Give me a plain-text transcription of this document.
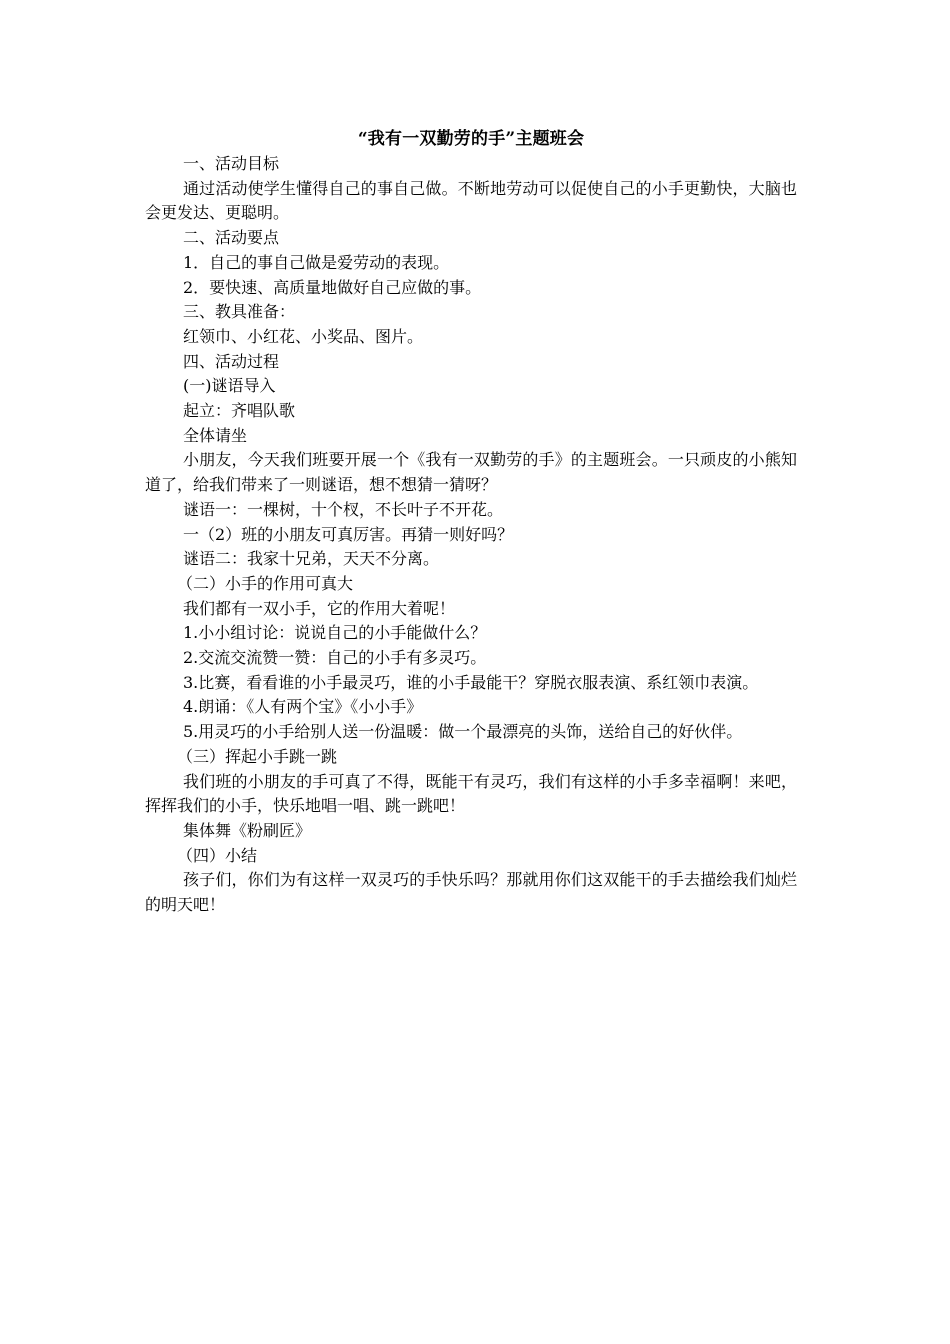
“我有一双勤劳的手”主题班会

一、活动目标

通过活动使学生懂得自己的事自己做。不断地劳动可以促使自己的小手更勤快，大脑也会更发达、更聪明。

二、活动要点

1．自己的事自己做是爱劳动的表现。

2．要快速、高质量地做好自己应做的事。

三、教具准备：

红领巾、小红花、小奖品、图片。

四、活动过程

(一)谜语导入

起立：齐唱队歌

全体请坐

小朋友，今天我们班要开展一个《我有一双勤劳的手》的主题班会。一只顽皮的小熊知道了，给我们带来了一则谜语，想不想猜一猜呀？

谜语一：一棵树，十个杈，不长叶子不开花。

一（2）班的小朋友可真厉害。再猜一则好吗？

谜语二：我家十兄弟，天天不分离。

（二）小手的作用可真大

我们都有一双小手，它的作用大着呢！

1.小小组讨论：说说自己的小手能做什么？

2.交流交流赞一赞：自己的小手有多灵巧。

3.比赛，看看谁的小手最灵巧，谁的小手最能干？穿脱衣服表演、系红领巾表演。

4.朗诵：《人有两个宝》《小小手》

5.用灵巧的小手给别人送一份温暖：做一个最漂亮的头饰，送给自己的好伙伴。

（三）挥起小手跳一跳

我们班的小朋友的手可真了不得，既能干有灵巧，我们有这样的小手多幸福啊！来吧，挥挥我们的小手，快乐地唱一唱、跳一跳吧！

集体舞《粉刷匠》

（四）小结

孩子们，你们为有这样一双灵巧的手快乐吗？那就用你们这双能干的手去描绘我们灿烂的明天吧！
